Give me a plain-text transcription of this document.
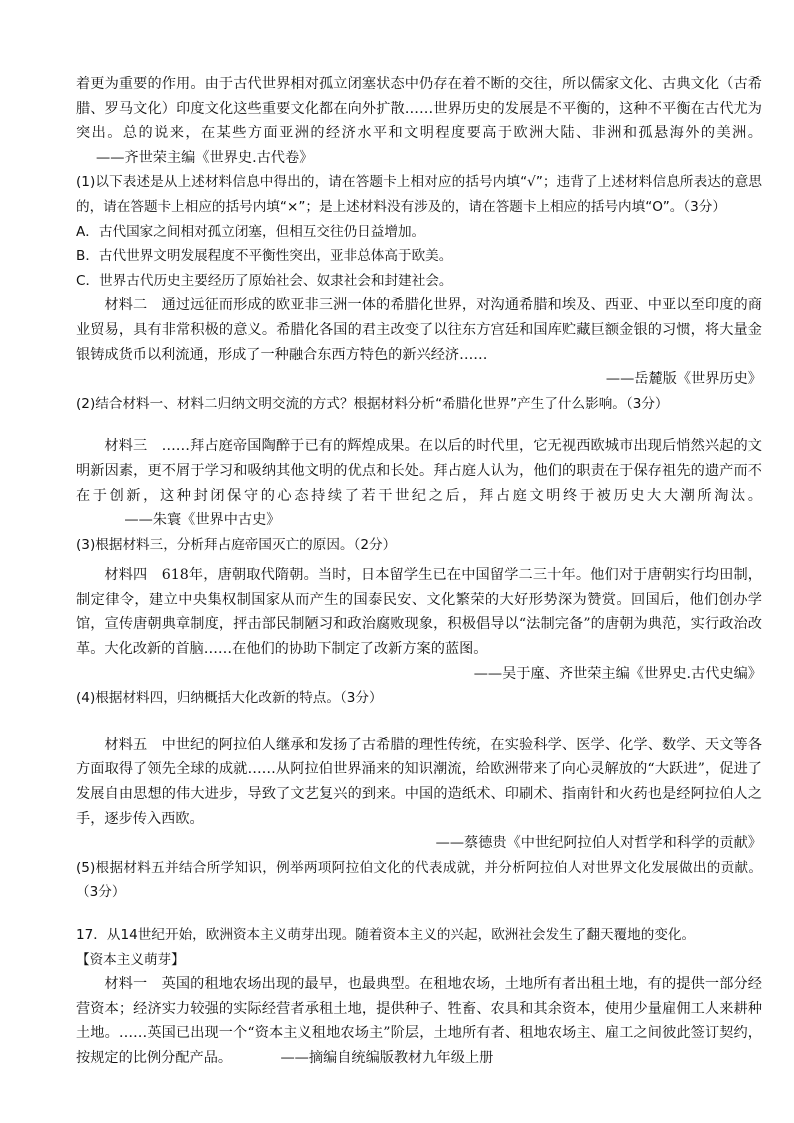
着更为重要的作用。由于古代世界相对孤立闭塞状态中仍存在着不断的交往，所以儒家文化、古典文化（古希腊、罗马文化）印度文化这些重要文化都在向外扩散……世界历史的发展是不平衡的，这种不平衡在古代尤为突出。总的说来，在某些方面亚洲的经济水平和文明程度要高于欧洲大陆、非洲和孤悬海外的美洲。——齐世荣主编《世界史.古代卷》

(1)以下表述是从上述材料信息中得出的，请在答题卡上相对应的括号内填“√”；违背了上述材料信息所表达的意思的，请在答题卡上相应的括号内填“×”；是上述材料没有涉及的，请在答题卡上相应的括号内填“O”。（3分）

A．古代国家之间相对孤立闭塞，但相互交往仍日益增加。

B．古代世界文明发展程度不平衡性突出，亚非总体高于欧美。

C．世界古代历史主要经历了原始社会、奴隶社会和封建社会。

材料二　通过远征而形成的欧亚非三洲一体的希腊化世界，对沟通希腊和埃及、西亚、中亚以至印度的商业贸易，具有非常积极的意义。希腊化各国的君主改变了以往东方宫廷和国库贮藏巨额金银的习惯，将大量金银铸成货币以利流通，形成了一种融合东西方特色的新兴经济……

——岳麓版《世界历史》

(2)结合材料一、材料二归纳文明交流的方式？根据材料分析“希腊化世界”产生了什么影响。（3分）

材料三　……拜占庭帝国陶醉于已有的辉煌成果。在以后的时代里，它无视西欧城市出现后悄然兴起的文明新因素，更不屑于学习和吸纳其他文明的优点和长处。拜占庭人认为，他们的职责在于保存祖先的遗产而不在于创新，这种封闭保守的心态持续了若干世纪之后，拜占庭文明终于被历史大大潮所淘汰。——朱寰《世界中古史》

(3)根据材料三，分析拜占庭帝国灭亡的原因。（2分）

材料四　618年，唐朝取代隋朝。当时，日本留学生已在中国留学二三十年。他们对于唐朝实行均田制，制定律令，建立中央集权制国家从而产生的国泰民安、文化繁荣的大好形势深为赞赏。回国后，他们创办学馆，宣传唐朝典章制度，抨击部民制陋习和政治腐败现象，积极倡导以“法制完备”的唐朝为典范，实行政治改革。大化改新的首脑……在他们的协助下制定了改新方案的蓝图。

——吴于廑、齐世荣主编《世界史.古代史编》

(4)根据材料四，归纳概括大化改新的特点。（3分）

材料五　中世纪的阿拉伯人继承和发扬了古希腊的理性传统，在实验科学、医学、化学、数学、天文等各方面取得了领先全球的成就……从阿拉伯世界涌来的知识潮流，给欧洲带来了向心灵解放的“大跃进”，促进了发展自由思想的伟大进步，导致了文艺复兴的到来。中国的造纸术、印刷术、指南针和火药也是经阿拉伯人之手，逐步传入西欧。

——蔡德贵《中世纪阿拉伯人对哲学和科学的贡献》

(5)根据材料五并结合所学知识，例举两项阿拉伯文化的代表成就，并分析阿拉伯人对世界文化发展做出的贡献。（3分）

17．从14世纪开始，欧洲资本主义萌芽出现。随着资本主义的兴起，欧洲社会发生了翻天覆地的变化。

【资本主义萌芽】

材料一　英国的租地农场出现的最早，也最典型。在租地农场，土地所有者出租土地，有的提供一部分经营资本；经济实力较强的实际经营者承租土地，提供种子、牲畜、农具和其余资本，使用少量雇佣工人来耕种土地。……英国已出现一个“资本主义租地农场主”阶层，土地所有者、租地农场主、雇工之间彼此签订契约，按规定的比例分配产品。	——摘编自统编版教材九年级上册
